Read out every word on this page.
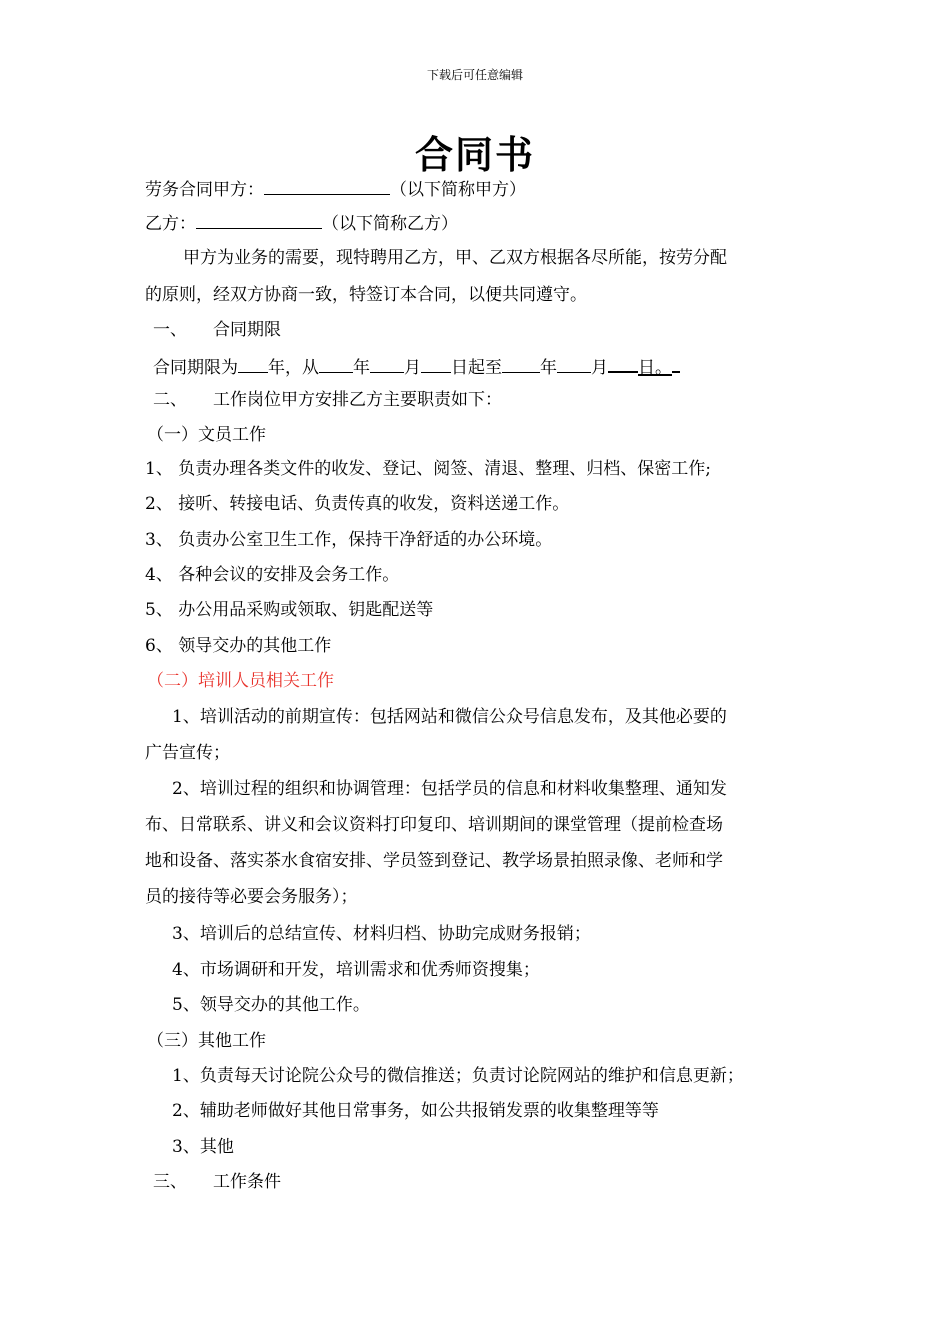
下载后可任意编辑
合同书
劳务合同甲方：	（以下简称甲方）
乙方：	（以下简称乙方）
甲方为业务的需要，现特聘用乙方，甲、乙双方根据各尽所能，按劳分配
的原则，经双方协商一致，特签订本合同，以便共同遵守。
一、 合同期限
合同期限为 年，从 年 月 日起至 年 月 日。
二、 工作岗位甲方安排乙方主要职责如下：
（一）文员工作
1、 负责办理各类文件的收发、登记、阅签、清退、整理、归档、保密工作;
2、 接听、转接电话、负责传真的收发，资料送递工作。
3、 负责办公室卫生工作，保持干净舒适的办公环境。
4、 各种会议的安排及会务工作。
5、 办公用品采购或领取、钥匙配送等
6、 领导交办的其他工作
（二）培训人员相关工作
1、培训活动的前期宣传：包括网站和微信公众号信息发布，及其他必要的
广告宣传；
2、培训过程的组织和协调管理：包括学员的信息和材料收集整理、通知发
布、日常联系、讲义和会议资料打印复印、培训期间的课堂管理（提前检查场
地和设备、落实茶水食宿安排、学员签到登记、教学场景拍照录像、老师和学
员的接待等必要会务服务）；
3、培训后的总结宣传、材料归档、协助完成财务报销；
4、市场调研和开发，培训需求和优秀师资搜集；
5、领导交办的其他工作。
（三）其他工作
1、负责每天讨论院公众号的微信推送；负责讨论院网站的维护和信息更新；
2、辅助老师做好其他日常事务，如公共报销发票的收集整理等等
3、其他
三、 工作条件
